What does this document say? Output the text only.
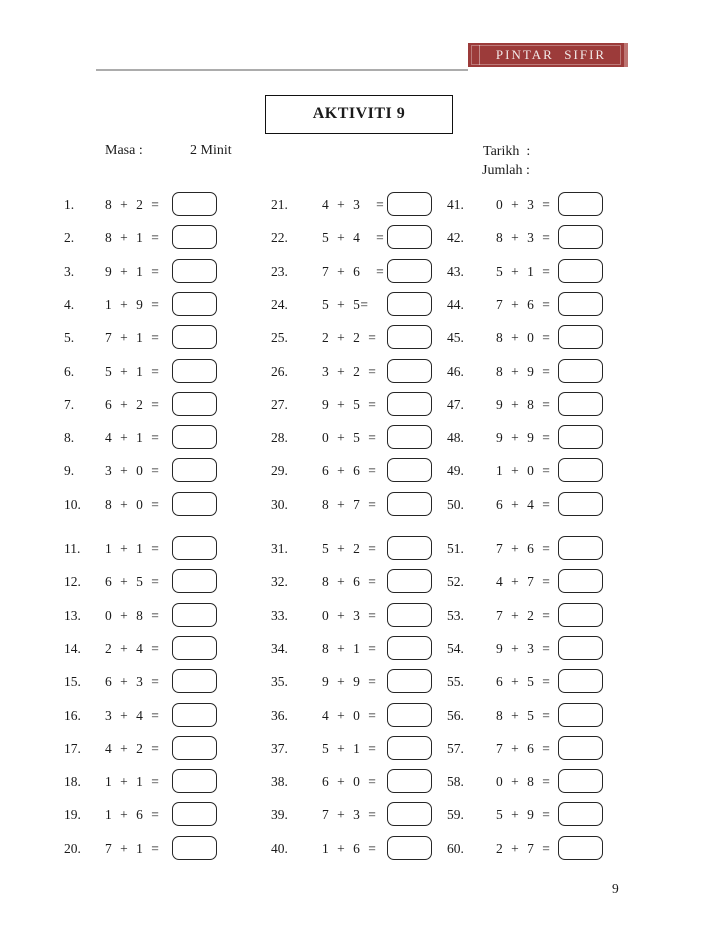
PINTAR  SIFIR
AKTIVITI 9
Masa :	2 Minit	Tarikh  :
Jumlah :
1. 8 + 2 =
2. 8 + 1 =
3. 9 + 1 =
4. 1 + 9 =
5. 7 + 1 =
6. 5 + 1 =
7. 6 + 2 =
8. 4 + 1 =
9. 3 + 0 =
10. 8 + 0 =
11. 1 + 1 =
12. 6 + 5 =
13. 0 + 8 =
14. 2 + 4 =
15. 6 + 3 =
16. 3 + 4 =
17. 4 + 2 =
18. 1 + 1 =
19. 1 + 6 =
20. 7 + 1 =
21.	4 + 3  =
22.	5 + 4  =
23.	7 + 6  =
24.	5 + 5=
25.	2 + 2 =
26.	3 + 2 =
27.	9 + 5 =
28.	0 + 5 =
29.	6 + 6 =
30.	8 + 7 =
31.	5 + 2 =
32.	8 + 6 =
33.	0 + 3 =
34.	8 + 1 =
35.	9 + 9 =
36.	4 + 0 =
37.	5 + 1 =
38.	6 + 0 =
39.	7 + 3 =
40.	1 + 6 =
41. 0 + 3 =
42. 8 + 3 =
43. 5 + 1 =
44. 7 + 6 =
45. 8 + 0 =
46. 8 + 9 =
47. 9 + 8 =
48. 9 + 9 =
49. 1 + 0 =
50. 6 + 4 =
51. 7 + 6 =
52. 4 + 7 =
53. 7 + 2 =
54. 9 + 3 =
55. 6 + 5 =
56. 8 + 5 =
57. 7 + 6 =
58. 0 + 8 =
59. 5 + 9 =
60. 2 + 7 =
9
